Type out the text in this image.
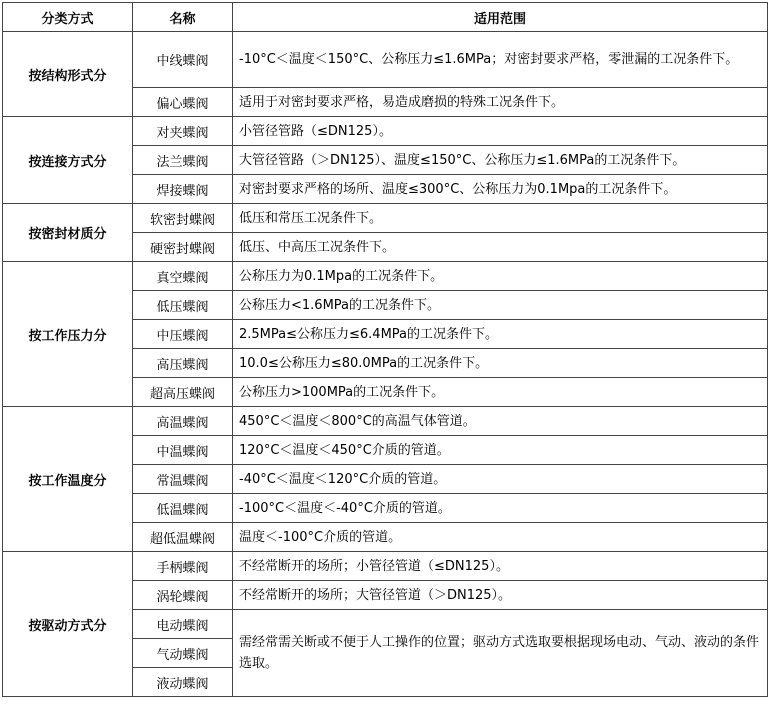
分类方式	名称	适用范围
按结构形式分	中线蝶阀	-10°C＜温度＜150°C、公称压力≤1.6MPa；对密封要求严格，零泄漏的工况条件下。
	偏心蝶阀	适用于对密封要求严格，易造成磨损的特殊工况条件下。
按连接方式分	对夹蝶阀	小管径管路（≤DN125）。
	法兰蝶阀	大管径管路（＞DN125）、温度≤150°C、公称压力≤1.6MPa的工况条件下。
	焊接蝶阀	对密封要求严格的场所、温度≤300°C、公称压力为0.1Mpa的工况条件下。
按密封材质分	软密封蝶阀	低压和常压工况条件下。
	硬密封蝶阀	低压、中高压工况条件下。
按工作压力分	真空蝶阀	公称压力为0.1Mpa的工况条件下。
	低压蝶阀	公称压力<1.6MPa的工况条件下。
	中压蝶阀	2.5MPa≤公称压力≤6.4MPa的工况条件下。
	高压蝶阀	10.0≤公称压力≤80.0MPa的工况条件下。
	超高压蝶阀	公称压力>100MPa的工况条件下。
按工作温度分	高温蝶阀	450°C＜温度＜800°C的高温气体管道。
	中温蝶阀	120°C＜温度＜450°C介质的管道。
	常温蝶阀	-40°C＜温度＜120°C介质的管道。
	低温蝶阀	-100°C＜温度＜-40°C介质的管道。
	超低温蝶阀	温度＜-100°C介质的管道。
按驱动方式分	手柄蝶阀	不经常断开的场所；小管径管道（≤DN125）。
	涡轮蝶阀	不经常断开的场所；大管径管道（＞DN125）。
	电动蝶阀	需经常需关断或不便于人工操作的位置；驱动方式选取要根据现场电动、气动、液动的条件选取。
	气动蝶阀	
	液动蝶阀	
